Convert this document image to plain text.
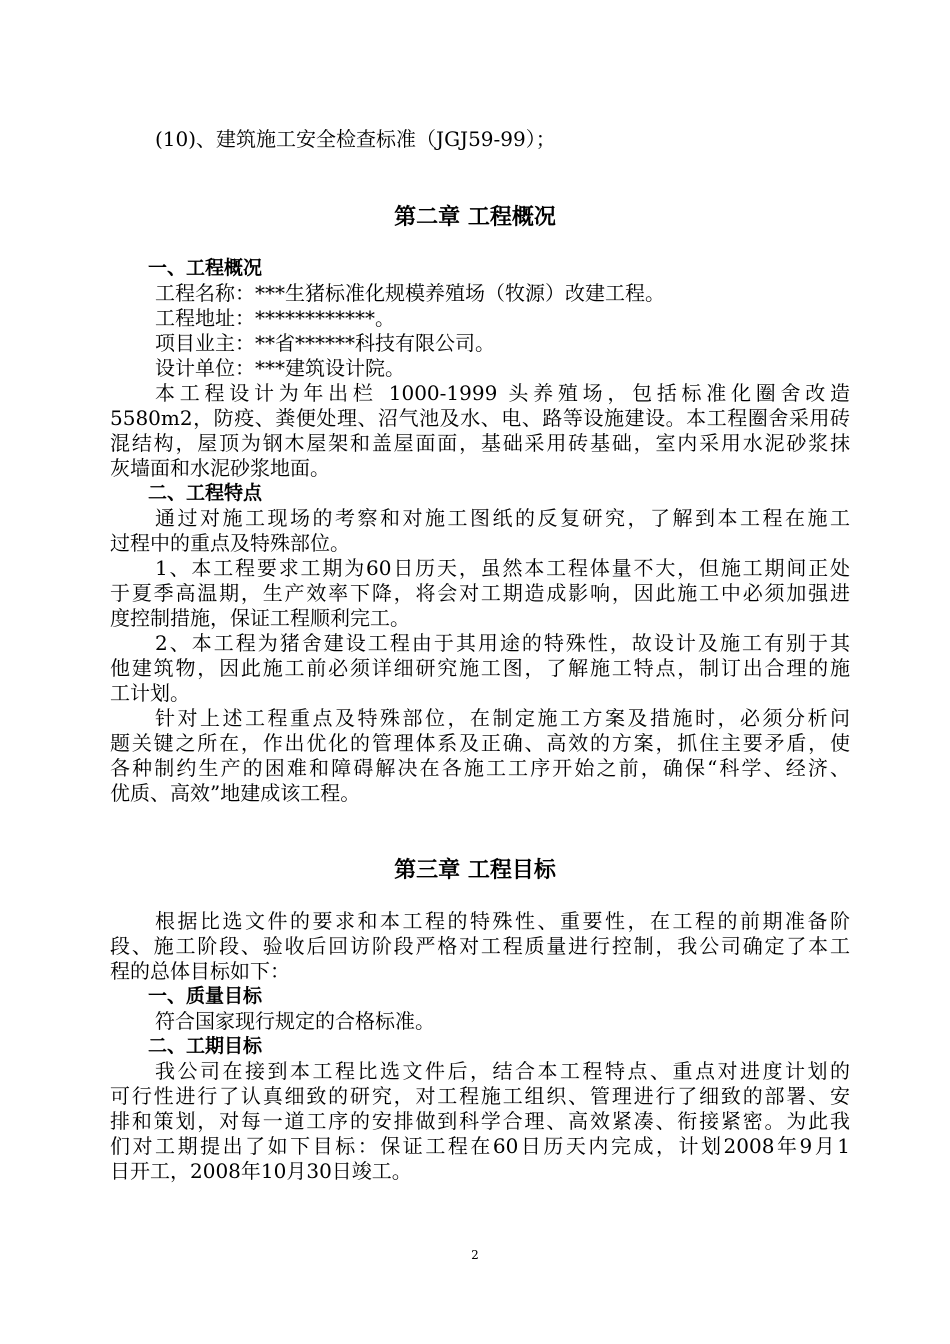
(10)、建筑施工安全检查标准（JGJ59-99）；
第二章 工程概况
一、工程概况
工程名称：***生猪标准化规模养殖场（牧源）改建工程。
工程地址：************。
项目业主：**省******科技有限公司。
设计单位：***建筑设计院。
本工程设计为年出栏 1000-1999 头养殖场，包括标准化圈舍改造
5580m2，防疫、粪便处理、沼气池及水、电、路等设施建设。本工程圈舍采用砖
混结构，屋顶为钢木屋架和盖屋面面，基础采用砖基础，室内采用水泥砂浆抹
灰墙面和水泥砂浆地面。
二、工程特点
通过对施工现场的考察和对施工图纸的反复研究，了解到本工程在施工
过程中的重点及特殊部位。
1、本工程要求工期为60日历天，虽然本工程体量不大，但施工期间正处
于夏季高温期，生产效率下降，将会对工期造成影响，因此施工中必须加强进
度控制措施，保证工程顺利完工。
2、本工程为猪舍建设工程由于其用途的特殊性，故设计及施工有别于其
他建筑物，因此施工前必须详细研究施工图，了解施工特点，制订出合理的施
工计划。
针对上述工程重点及特殊部位，在制定施工方案及措施时，必须分析问
题关键之所在，作出优化的管理体系及正确、高效的方案，抓住主要矛盾，使
各种制约生产的困难和障碍解决在各施工工序开始之前，确保“科学、经济、
优质、高效”地建成该工程。
第三章 工程目标
根据比选文件的要求和本工程的特殊性、重要性，在工程的前期准备阶
段、施工阶段、验收后回访阶段严格对工程质量进行控制，我公司确定了本工
程的总体目标如下：
一、质量目标
符合国家现行规定的合格标准。
二、工期目标
我公司在接到本工程比选文件后，结合本工程特点、重点对进度计划的
可行性进行了认真细致的研究，对工程施工组织、管理进行了细致的部署、安
排和策划，对每一道工序的安排做到科学合理、高效紧凑、衔接紧密。为此我
们对工期提出了如下目标：保证工程在60日历天内完成，计划2008年9月1
日开工，2008年10月30日竣工。
2
